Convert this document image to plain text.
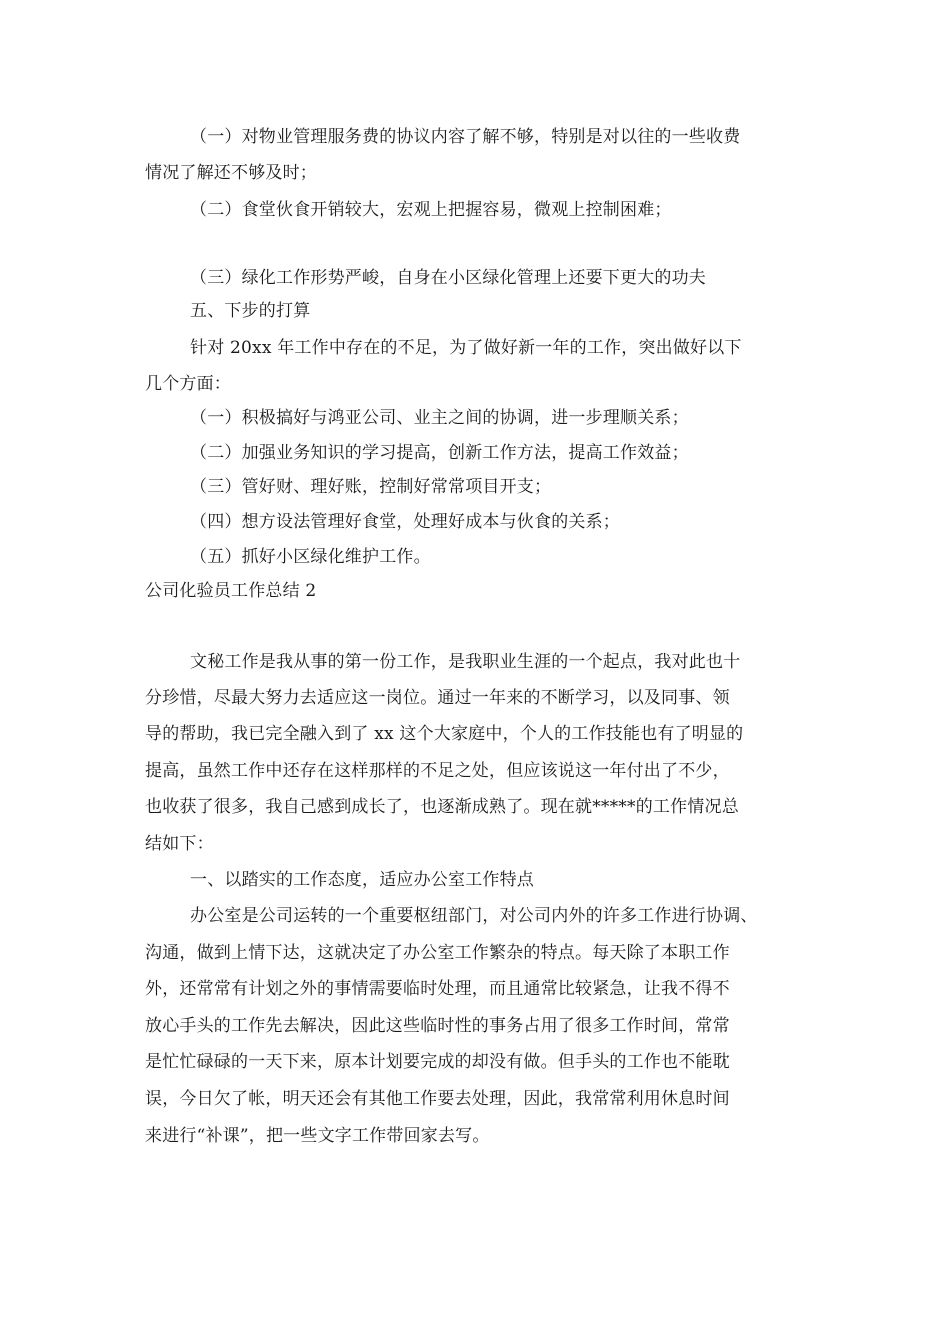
（一）对物业管理服务费的协议内容了解不够，特别是对以往的一些收费
情况了解还不够及时；
（二）食堂伙食开销较大，宏观上把握容易，微观上控制困难；
（三）绿化工作形势严峻，自身在小区绿化管理上还要下更大的功夫
五、下步的打算
针对 20xx 年工作中存在的不足，为了做好新一年的工作，突出做好以下
几个方面：
（一）积极搞好与鸿亚公司、业主之间的协调，进一步理顺关系；
（二）加强业务知识的学习提高，创新工作方法，提高工作效益；
（三）管好财、理好账，控制好常常项目开支；
（四）想方设法管理好食堂，处理好成本与伙食的关系；
（五）抓好小区绿化维护工作。
公司化验员工作总结 2
文秘工作是我从事的第一份工作，是我职业生涯的一个起点，我对此也十
分珍惜，尽最大努力去适应这一岗位。通过一年来的不断学习，以及同事、领
导的帮助，我已完全融入到了 xx 这个大家庭中，个人的工作技能也有了明显的
提高，虽然工作中还存在这样那样的不足之处，但应该说这一年付出了不少，
也收获了很多，我自己感到成长了，也逐渐成熟了。现在就*****的工作情况总
结如下：
一、以踏实的工作态度，适应办公室工作特点
办公室是公司运转的一个重要枢纽部门，对公司内外的许多工作进行协调、
沟通，做到上情下达，这就决定了办公室工作繁杂的特点。每天除了本职工作
外，还常常有计划之外的事情需要临时处理，而且通常比较紧急，让我不得不
放心手头的工作先去解决，因此这些临时性的事务占用了很多工作时间，常常
是忙忙碌碌的一天下来，原本计划要完成的却没有做。但手头的工作也不能耽
误，今日欠了帐，明天还会有其他工作要去处理，因此，我常常利用休息时间
来进行“补课”，把一些文字工作带回家去写。
